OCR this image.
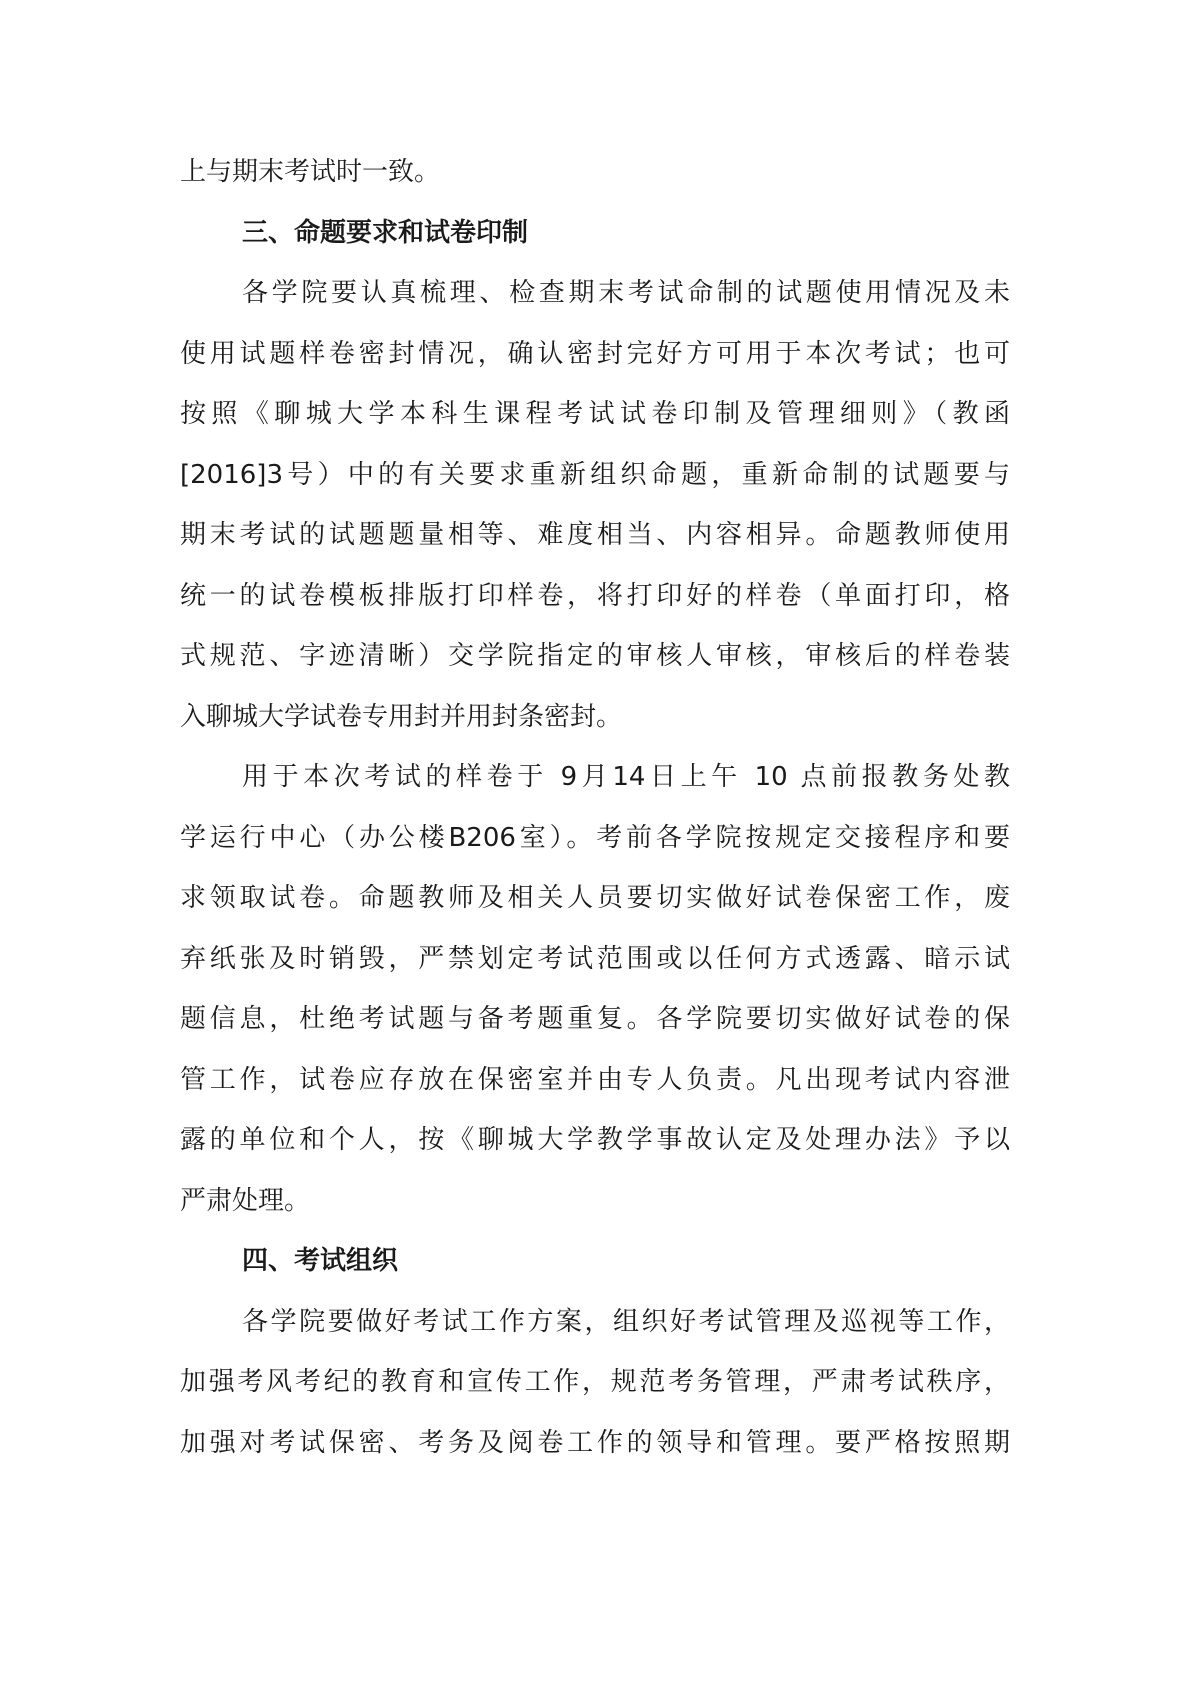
上与期末考试时一致。
三、命题要求和试卷印制
各学院要认真梳理、检查期末考试命制的试题使用情况及未
使用试题样卷密封情况，确认密封完好方可用于本次考试；也可
按照《聊城大学本科生课程考试试卷印制及管理细则》（教函
[2016]3号）中的有关要求重新组织命题，重新命制的试题要与
期末考试的试题题量相等、难度相当、内容相异。命题教师使用
统一的试卷模板排版打印样卷，将打印好的样卷（单面打印，格
式规范、字迹清晰）交学院指定的审核人审核，审核后的样卷装
入聊城大学试卷专用封并用封条密封。
用于本次考试的样卷于 9月14日上午 10 点前报教务处教
学运行中心（办公楼B206室）。考前各学院按规定交接程序和要
求领取试卷。命题教师及相关人员要切实做好试卷保密工作，废
弃纸张及时销毁，严禁划定考试范围或以任何方式透露、暗示试
题信息，杜绝考试题与备考题重复。各学院要切实做好试卷的保
管工作，试卷应存放在保密室并由专人负责。凡出现考试内容泄
露的单位和个人，按《聊城大学教学事故认定及处理办法》予以
严肃处理。
四、考试组织
各学院要做好考试工作方案，组织好考试管理及巡视等工作，
加强考风考纪的教育和宣传工作，规范考务管理，严肃考试秩序，
加强对考试保密、考务及阅卷工作的领导和管理。要严格按照期
